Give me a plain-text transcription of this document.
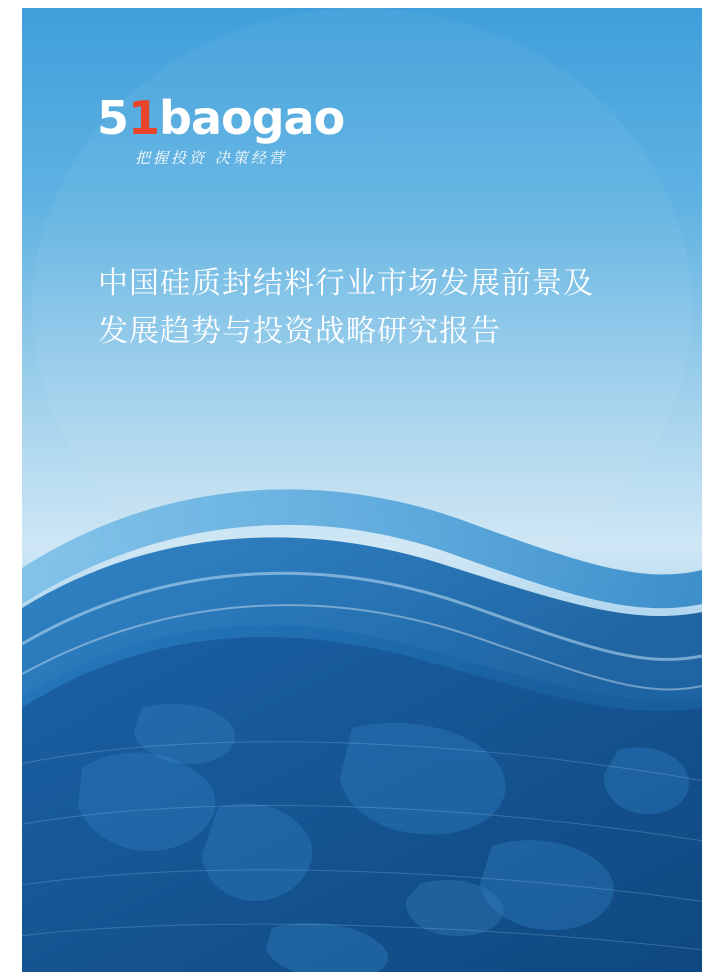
51baogao
把握投资 决策经营
中国硅质封结料行业市场发展前景及
发展趋势与投资战略研究报告
